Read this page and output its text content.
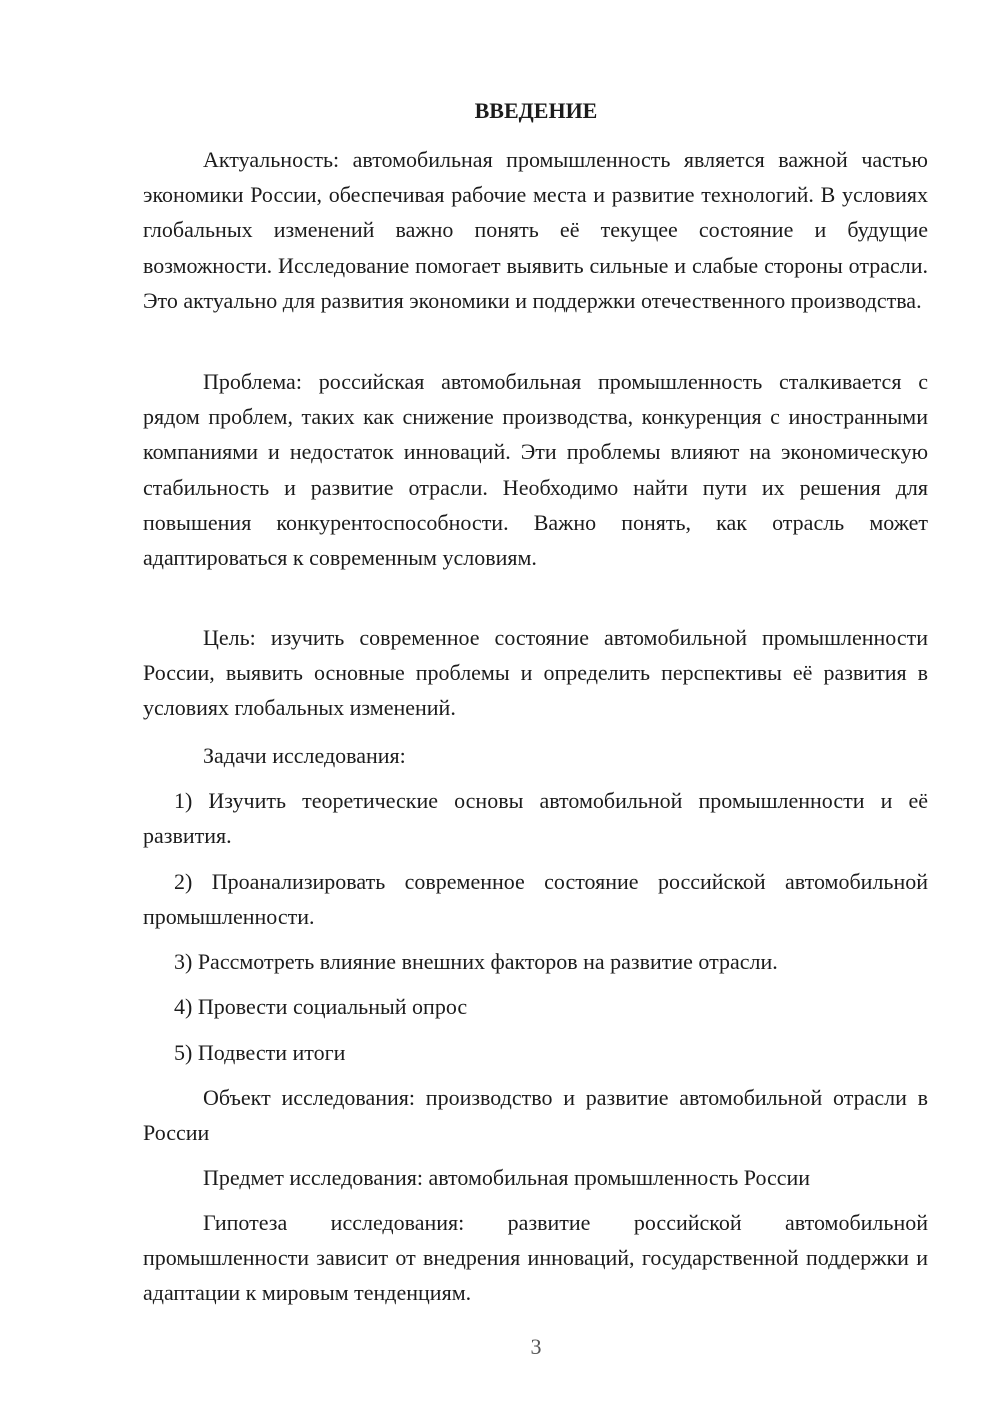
ВВЕДЕНИЕ

Актуальность: автомобильная промышленность является важной частью экономики России, обеспечивая рабочие места и развитие технологий. В условиях глобальных изменений важно понять её текущее состояние и будущие возможности. Исследование помогает выявить сильные и слабые стороны отрасли. Это актуально для развития экономики и поддержки отечественного производства.

Проблема: российская автомобильная промышленность сталкивается с рядом проблем, таких как снижение производства, конкуренция с иностранными компаниями и недостаток инноваций. Эти проблемы влияют на экономическую стабильность и развитие отрасли. Необходимо найти пути их решения для повышения конкурентоспособности. Важно понять, как отрасль может адаптироваться к современным условиям.

Цель: изучить современное состояние автомобильной промышленности России, выявить основные проблемы и определить перспективы её развития в условиях глобальных изменений.

Задачи исследования:

1) Изучить теоретические основы автомобильной промышленности и её развития.

2) Проанализировать современное состояние российской автомобильной промышленности.

3) Рассмотреть влияние внешних факторов на развитие отрасли.

4) Провести социальный опрос

5) Подвести итоги

Объект исследования: производство и развитие автомобильной отрасли в России

Предмет исследования: автомобильная промышленность России

Гипотеза исследования: развитие российской автомобильной промышленности зависит от внедрения инноваций, государственной поддержки и адаптации к мировым тенденциям.

3
